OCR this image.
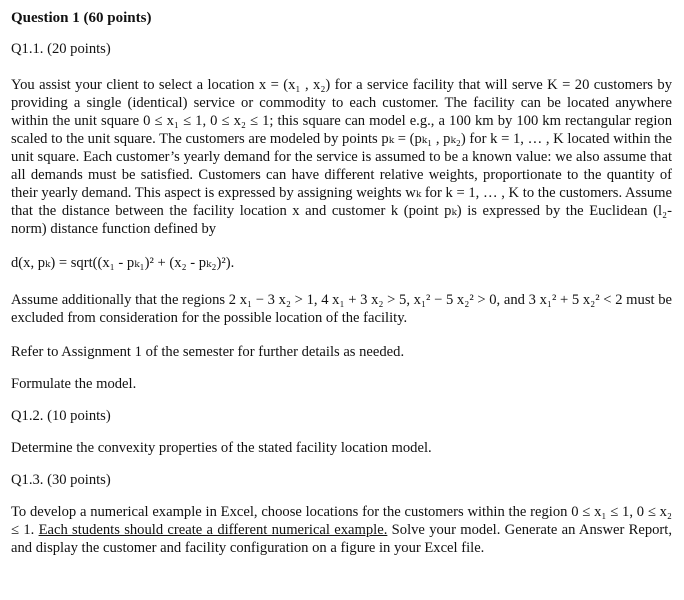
Question 1 (60 points)
Q1.1. (20 points)
You assist your client to select a location x = (x₁ , x₂) for a service facility that will serve K = 20 customers by providing a single (identical) service or commodity to each customer. The facility can be located anywhere within the unit square 0 ≤ x₁ ≤ 1, 0 ≤ x₂ ≤ 1; this square can model e.g., a 100 km by 100 km rectangular region scaled to the unit square. The customers are modeled by points pₖ = (pₖ₁ , pₖ₂) for k = 1, … , K located within the unit square. Each customer’s yearly demand for the service is assumed to be a known value: we also assume that all demands must be satisfied. Customers can have different relative weights, proportionate to the quantity of their yearly demand. This aspect is expressed by assigning weights wₖ for k = 1, … , K to the customers. Assume that the distance between the facility location x and customer k (point pₖ) is expressed by the Euclidean (l₂-norm) distance function defined by
d(x, pₖ) = sqrt((x₁ - pₖ₁)² + (x₂ - pₖ₂)²).
Assume additionally that the regions 2 x₁ − 3 x₂ > 1, 4 x₁ + 3 x₂ > 5, x₁² − 5 x₂² > 0, and 3 x₁² + 5 x₂² < 2 must be excluded from consideration for the possible location of the facility.
Refer to Assignment 1 of the semester for further details as needed.
Formulate the model.
Q1.2. (10 points)
Determine the convexity properties of the stated facility location model.
Q1.3. (30 points)
To develop a numerical example in Excel, choose locations for the customers within the region 0 ≤ x₁ ≤ 1, 0 ≤ x₂ ≤ 1. Each students should create a different numerical example. Solve your model. Generate an Answer Report, and display the customer and facility configuration on a figure in your Excel file.
